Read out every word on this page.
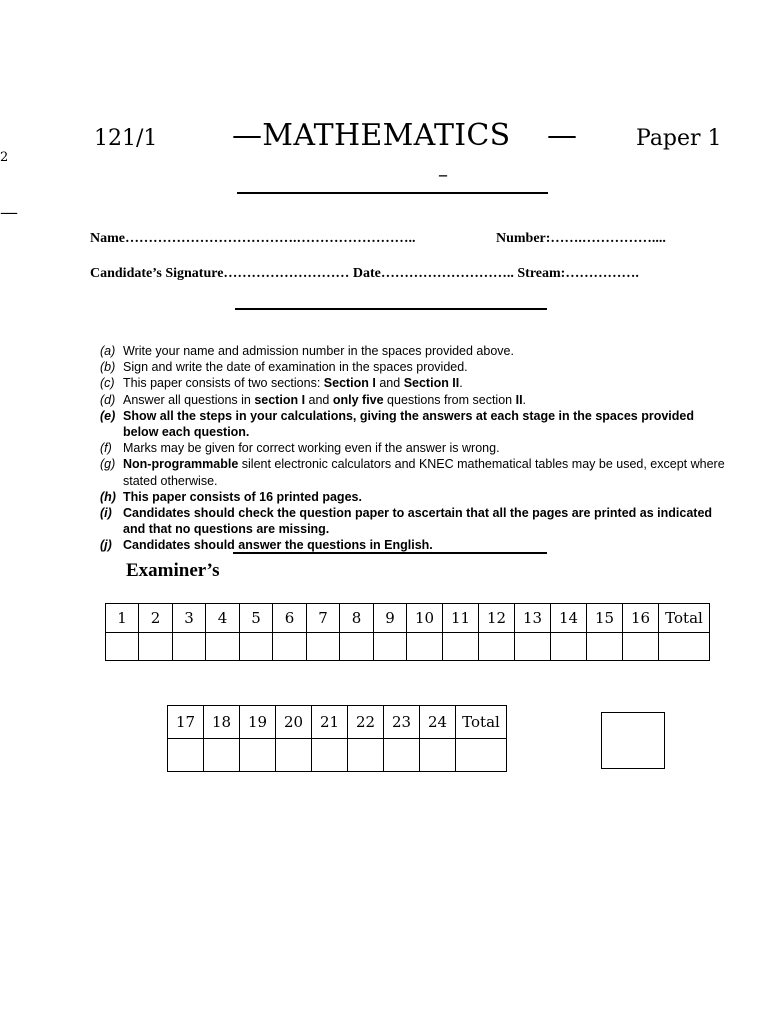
121/1 —MATHEMATICS —	Paper 1
–
2
—
Name……………………………….……………………..	Number:…….……………....
Candidate’s Signature……………………… Date……………………….. Stream:…………….
(a) Write your name and admission number in the spaces provided above.
(b) Sign and write the date of examination in the spaces provided.
(c) This paper consists of two sections: Section I and Section II.
(d) Answer all questions in section I and only five questions from section II.
(e) Show all the steps in your calculations, giving the answers at each stage in the spaces provided below each question.
(f) Marks may be given for correct working even if the answer is wrong.
(g) Non-programmable silent electronic calculators and KNEC mathematical tables may be used, except where stated otherwise.
(h) This paper consists of 16 printed pages.
(i) Candidates should check the question paper to ascertain that all the pages are printed as indicated and that no questions are missing.
(j) Candidates should answer the questions in English.
Examiner’s
1	2	3	4	5	6	7	8	9	10	11	12	13	14	15	16	Total

17	18	19	20	21	22	23	24	Total
